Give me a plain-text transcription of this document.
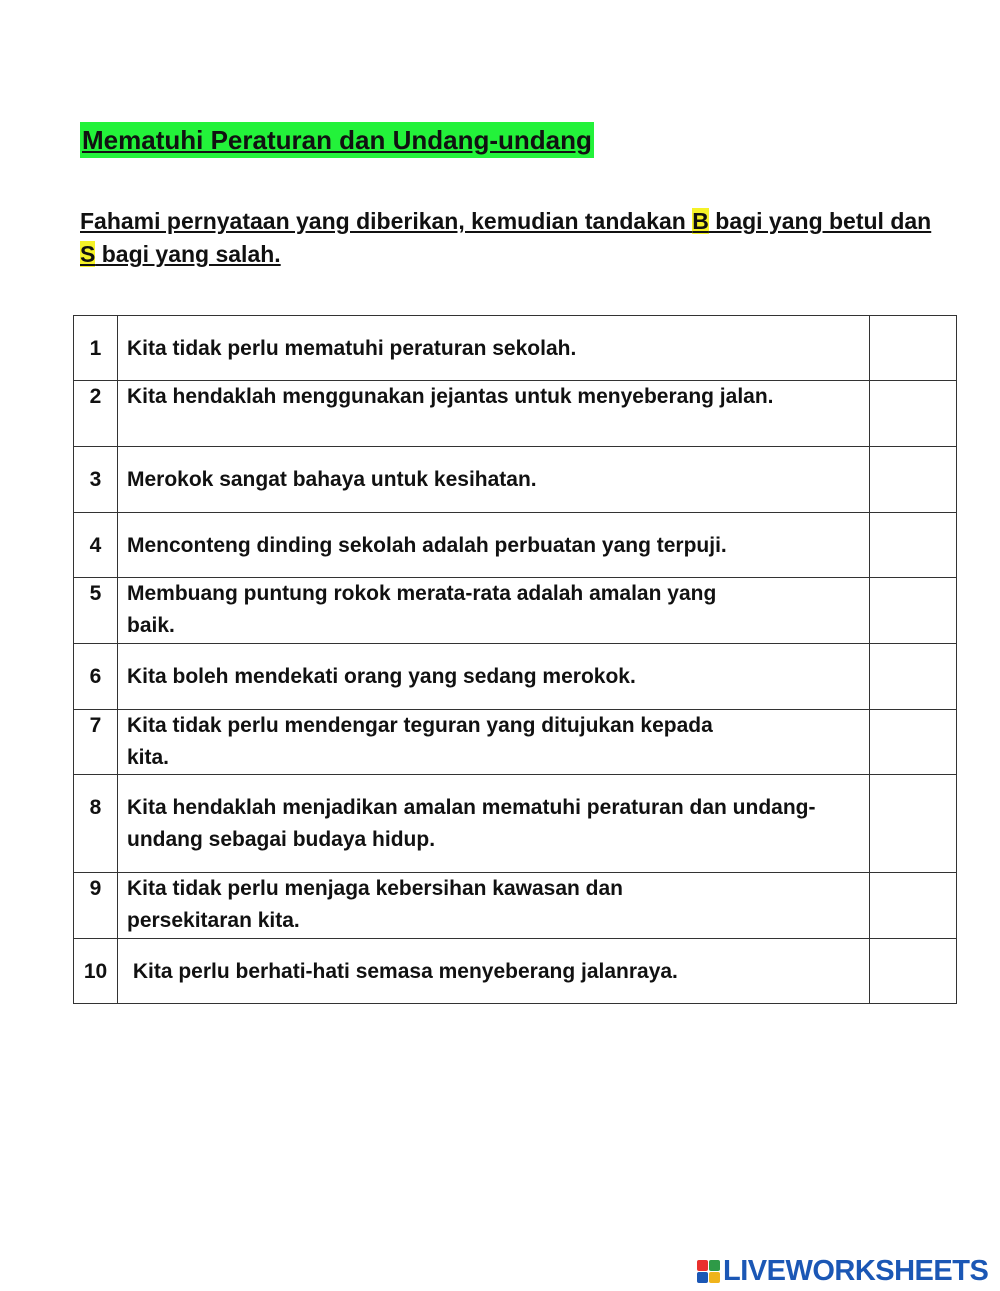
Mematuhi Peraturan dan Undang-undang
Fahami pernyataan yang diberikan, kemudian tandakan B bagi yang betul dan S bagi yang salah.
1	Kita tidak perlu mematuhi peraturan sekolah.	

2	Kita hendaklah menggunakan jejantas untuk menyeberang jalan.	

3	Merokok sangat bahaya untuk kesihatan.	

4	Menconteng dinding sekolah adalah perbuatan yang terpuji.	

5	Membuang puntung rokok merata-rata adalah amalan yang baik.	

6	Kita boleh mendekati orang yang sedang merokok.	

7	Kita tidak perlu mendengar teguran yang ditujukan kepada kita.	

8	Kita hendaklah menjadikan amalan mematuhi peraturan dan undang-undang sebagai budaya hidup.	

9	Kita tidak perlu menjaga kebersihan kawasan dan persekitaran kita.	

10	Kita perlu berhati-hati semasa menyeberang jalanraya.	

LIVEWORKSHEETS
